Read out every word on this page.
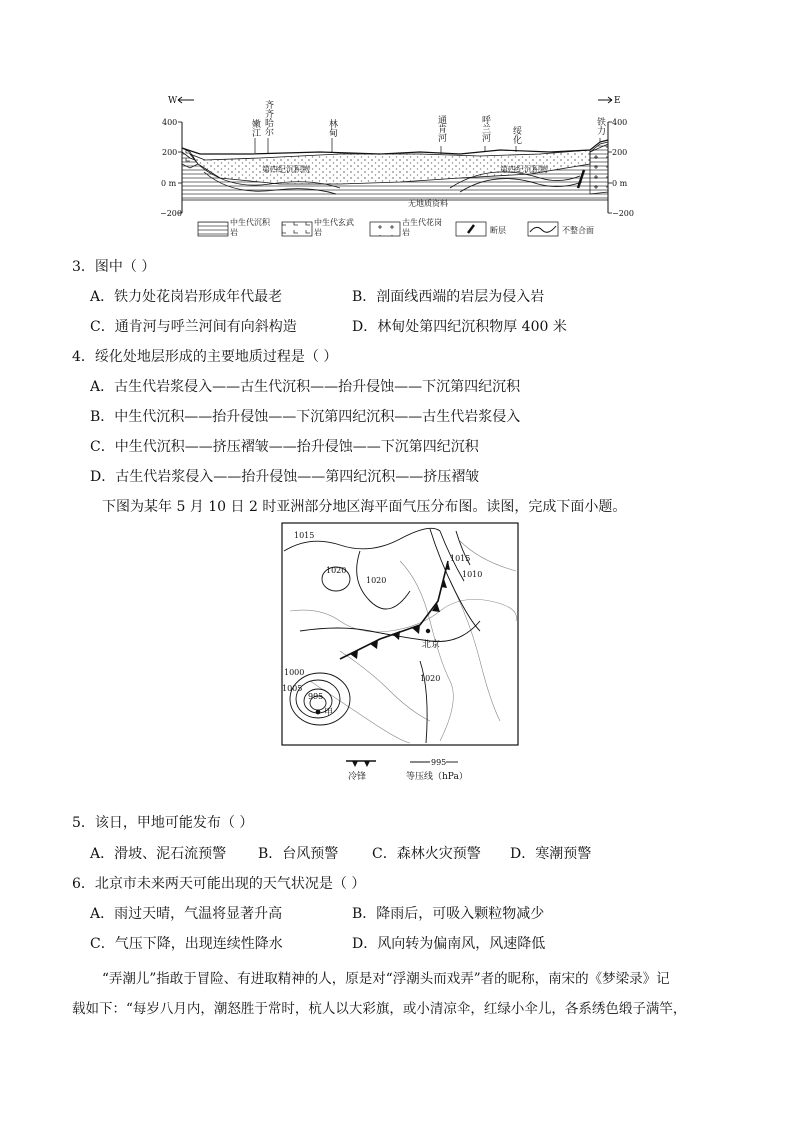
W	E
400
200
0 m
−200
400
200
0 m
−200
嫩江 齐齐哈尔	林甸	通肯河	呼兰河 绥化	铁力
第四纪沉积物	第四纪沉积物
无地质资料
中生代沉积岩
中生代玄武岩
古生代花岗岩	断层	不整合面
3．图中（ ）
A．铁力处花岗岩形成年代最老	B．剖面线西端的岩层为侵入岩
C．通肯河与呼兰河间有向斜构造	D．林甸处第四纪沉积物厚 400 米
4．绥化处地层形成的主要地质过程是（ ）
A．古生代岩浆侵入——古生代沉积——抬升侵蚀——下沉第四纪沉积
B．中生代沉积——抬升侵蚀——下沉第四纪沉积——古生代岩浆侵入
C．中生代沉积——挤压褶皱——抬升侵蚀——下沉第四纪沉积
D．古生代岩浆侵入——抬升侵蚀——第四纪沉积——挤压褶皱
下图为某年 5 月 10 日 2 时亚洲部分地区海平面气压分布图。读图，完成下面小题。
1015
1020
1020
1015
1010
1020
1000
1005
995
北京
甲
冷锋
995
等压线（hPa）
5．该日，甲地可能发布（ ）
A．滑坡、泥石流预警 B．台风预警 C．森林火灾预警 D．寒潮预警
6．北京市未来两天可能出现的天气状况是（ ）
A．雨过天晴，气温将显著升高	B．降雨后，可吸入颗粒物减少
C．气压下降，出现连续性降水	D．风向转为偏南风，风速降低
“弄潮儿”指敢于冒险、有进取精神的人，原是对“浮潮头而戏弄”者的昵称，南宋的《梦梁录》记
载如下：“每岁八月内，潮怒胜于常时，杭人以大彩旗，或小清凉伞，红绿小伞儿，各系绣色缎子满竿，
